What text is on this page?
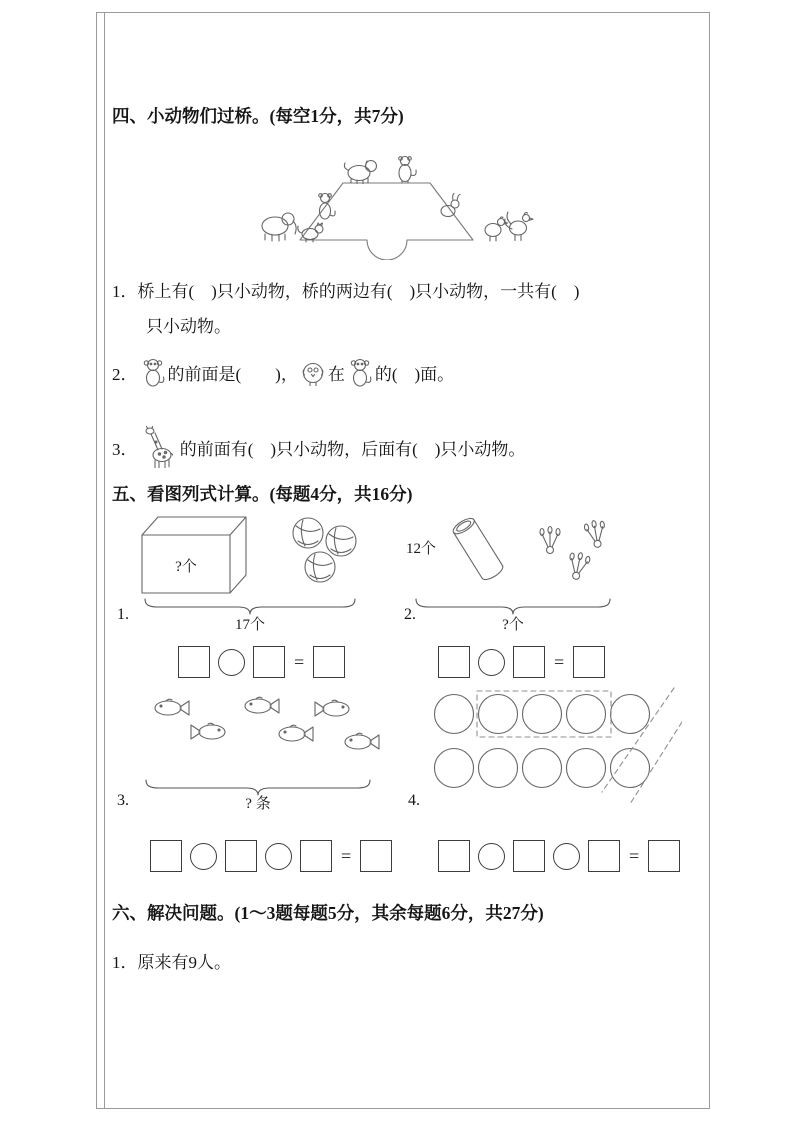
四、小动物们过桥。(每空1分，共7分)
1．桥上有(    )只小动物，桥的两边有(    )只小动物，一共有(    )
只小动物。
2． 的前面是(        )， 在 的(    )面。
3． 的前面有(    )只小动物，后面有(    )只小动物。
五、看图列式计算。(每题4分，共16分)
?个
17个
12个
?个
1.	2.
=	=
? 条
3.	4.
=	=
六、解决问题。(1～3题每题5分，其余每题6分，共27分)
1．原来有9人。
